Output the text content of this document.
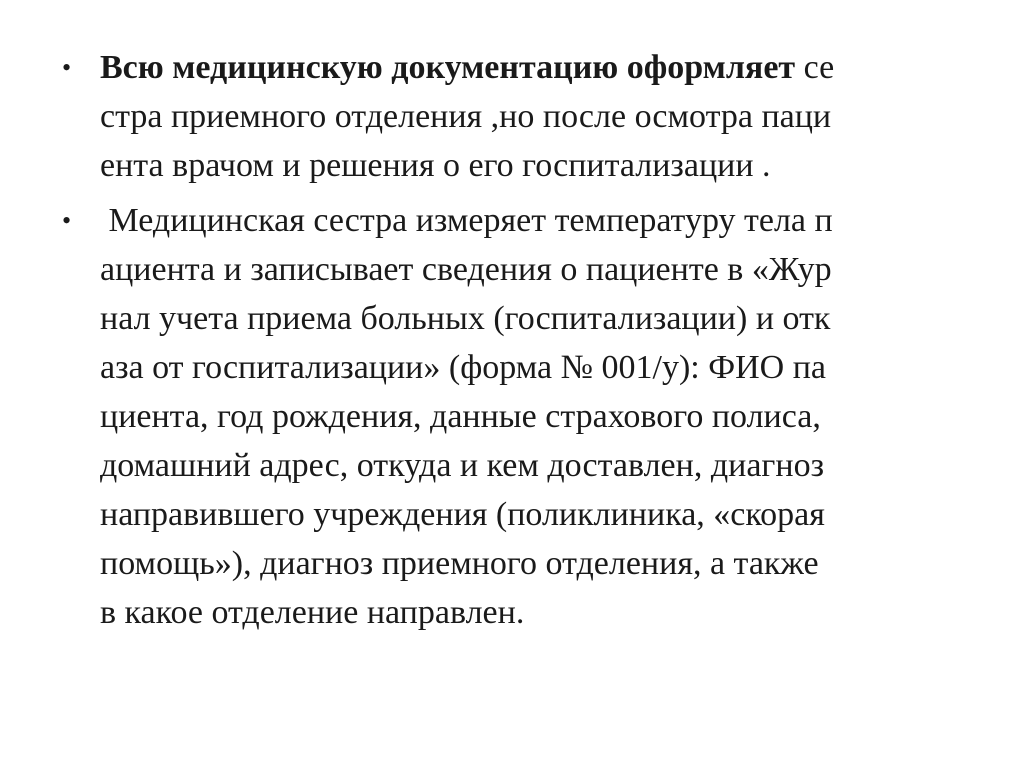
• Всю медицинскую документацию оформляет се
стра приемного отделения ,но после осмотра паци
ента врачом и решения о его госпитализации .
• Медицинская сестра измеряет температуру тела п
ациента и записывает сведения о пациенте в «Жур
нал учета приема больных (госпитализации) и отк
аза от госпитализации» (форма № 001/у): ФИО па
циента, год рождения, данные страхового полиса,
домашний адрес, откуда и кем доставлен, диагноз
направившего учреждения (поликлиника, «скорая
помощь»), диагноз приемного отделения, а также
в какое отделение направлен.
